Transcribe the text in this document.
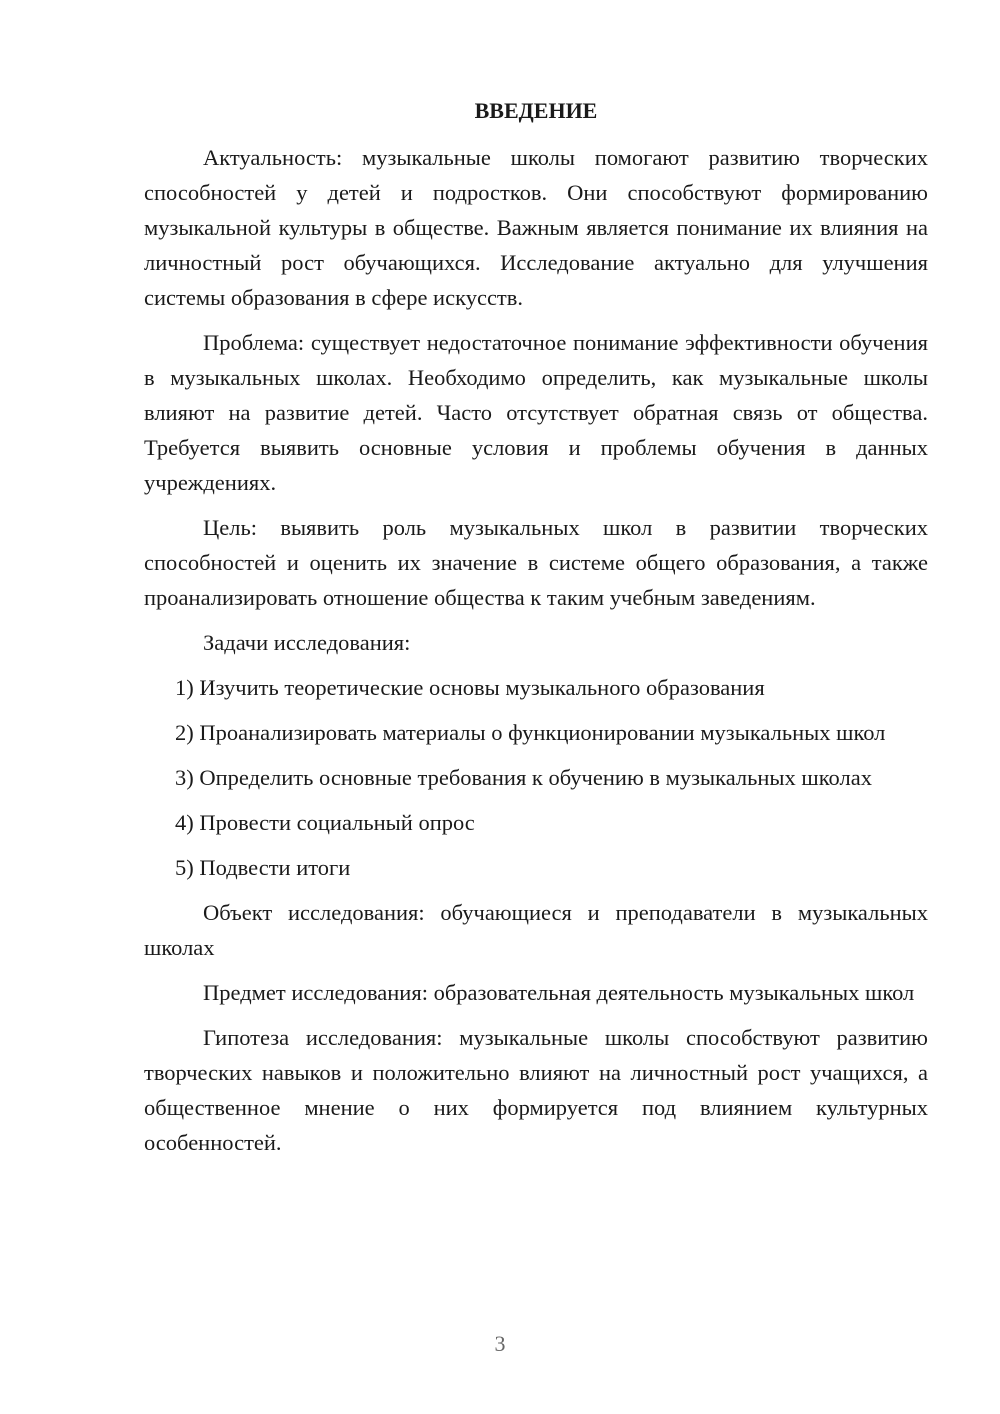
ВВЕДЕНИЕ

Актуальность: музыкальные школы помогают развитию творческих способностей у детей и подростков. Они способствуют формированию музыкальной культуры в обществе. Важным является понимание их влияния на личностный рост обучающихся. Исследование актуально для улучшения системы образования в сфере искусств.

Проблема: существует недостаточное понимание эффективности обучения в музыкальных школах. Необходимо определить, как музыкальные школы влияют на развитие детей. Часто отсутствует обратная связь от общества. Требуется выявить основные условия и проблемы обучения в данных учреждениях.

Цель: выявить роль музыкальных школ в развитии творческих способностей и оценить их значение в системе общего образования, а также проанализировать отношение общества к таким учебным заведениям.

Задачи исследования:

1) Изучить теоретические основы музыкального образования

2) Проанализировать материалы о функционировании музыкальных школ

3) Определить основные требования к обучению в музыкальных школах

4) Провести социальный опрос

5) Подвести итоги

Объект исследования: обучающиеся и преподаватели в музыкальных школах

Предмет исследования: образовательная деятельность музыкальных школ

Гипотеза исследования: музыкальные школы способствуют развитию творческих навыков и положительно влияют на личностный рост учащихся, а общественное мнение о них формируется под влиянием культурных особенностей.

3
